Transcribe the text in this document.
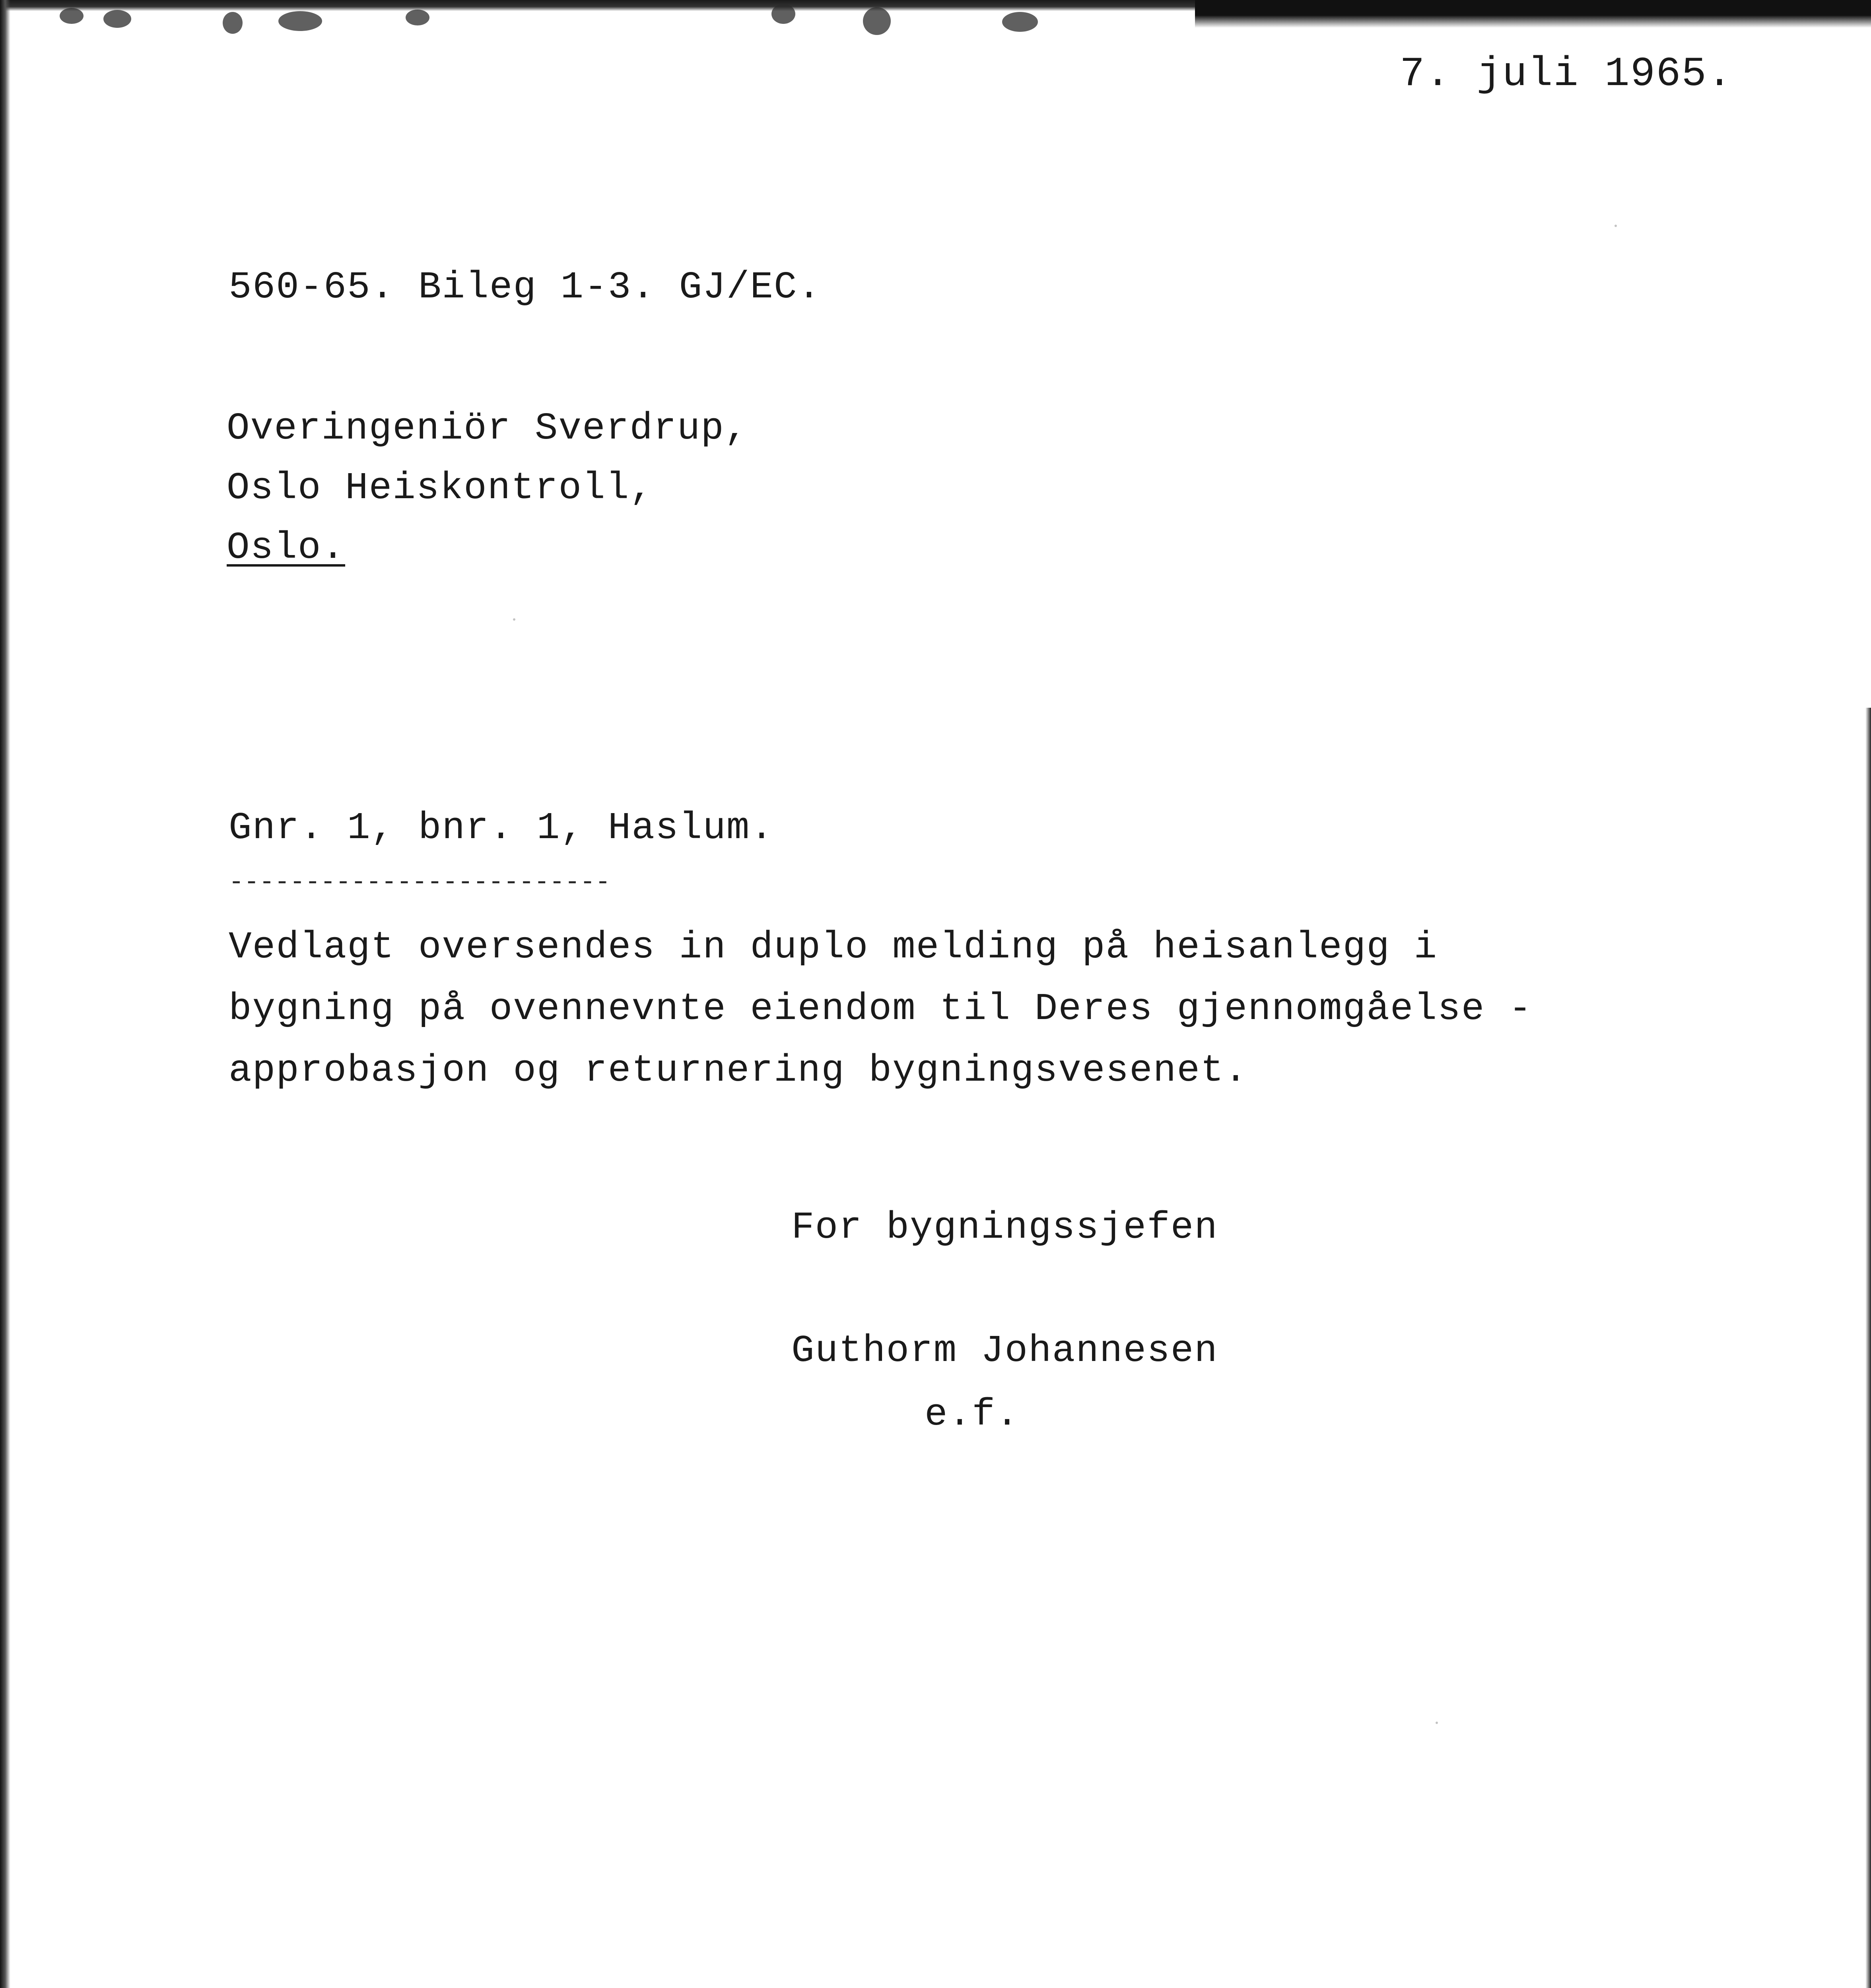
7. juli 1965.
560-65. Bileg 1-3. GJ/EC.
Overingeniör Sverdrup,
Oslo Heiskontroll,
Oslo.
Gnr. 1, bnr. 1, Haslum.
-------------------------
Vedlagt oversendes in duplo melding på heisanlegg i
bygning på ovennevnte eiendom til Deres gjennomgåelse -
approbasjon og returnering bygningsvesenet.
For bygningssjefen
Guthorm Johannesen
e.f.
